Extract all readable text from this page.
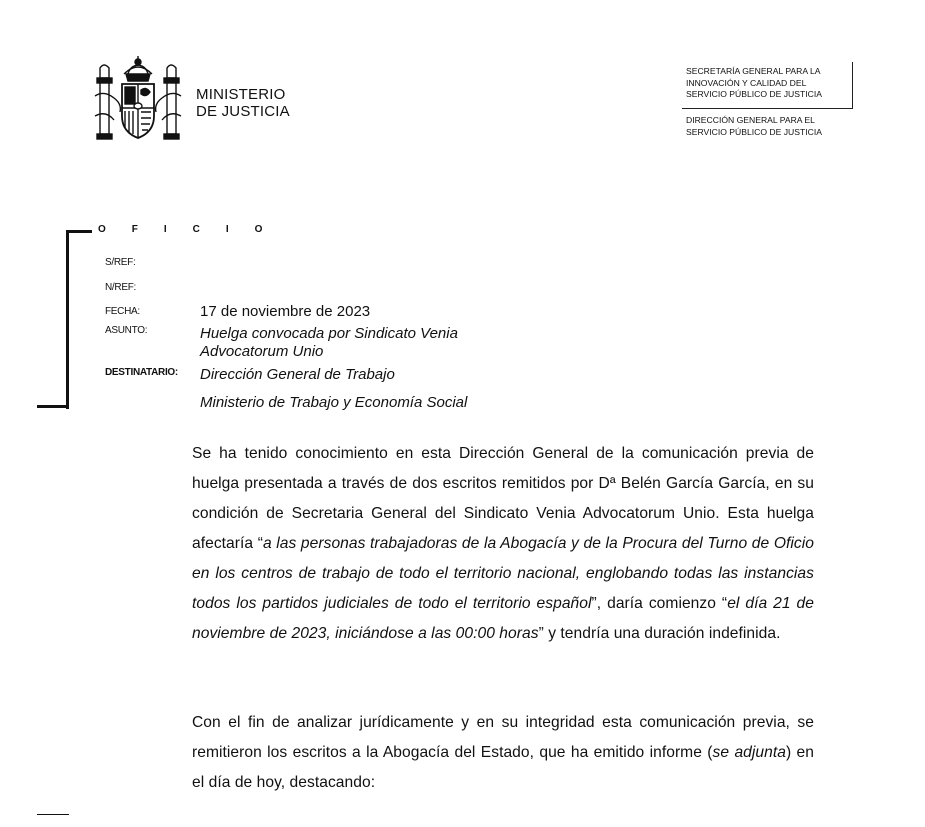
MINISTERIO
DE JUSTICIA
SECRETARÍA GENERAL PARA LA
INNOVACIÓN Y CALIDAD DEL
SERVICIO PÚBLICO DE JUSTICIA
DIRECCIÓN GENERAL PARA EL
SERVICIO PÚBLICO DE JUSTICIA
OFICIO
S/REF:
N/REF:
FECHA:	17 de noviembre de 2023
ASUNTO:	Huelga convocada por Sindicato Venia
Advocatorum Unio
DESTINATARIO: Dirección General de Trabajo
Ministerio de Trabajo y Economía Social
Se ha tenido conocimiento en esta Dirección General de la comunicación previa de huelga presentada a través de dos escritos remitidos por Dª Belén García García, en su condición de Secretaria General del Sindicato Venia Advocatorum Unio. Esta huelga afectaría “a las personas trabajadoras de la Abogacía y de la Procura del Turno de Oficio en los centros de trabajo de todo el territorio nacional, englobando todas las instancias todos los partidos judiciales de todo el territorio español”, daría comienzo “el día 21 de noviembre de 2023, iniciándose a las 00:00 horas” y tendría una duración indefinida.
Con el fin de analizar jurídicamente y en su integridad esta comunicación previa, se remitieron los escritos a la Abogacía del Estado, que ha emitido informe (se adjunta) en el día de hoy, destacando:
